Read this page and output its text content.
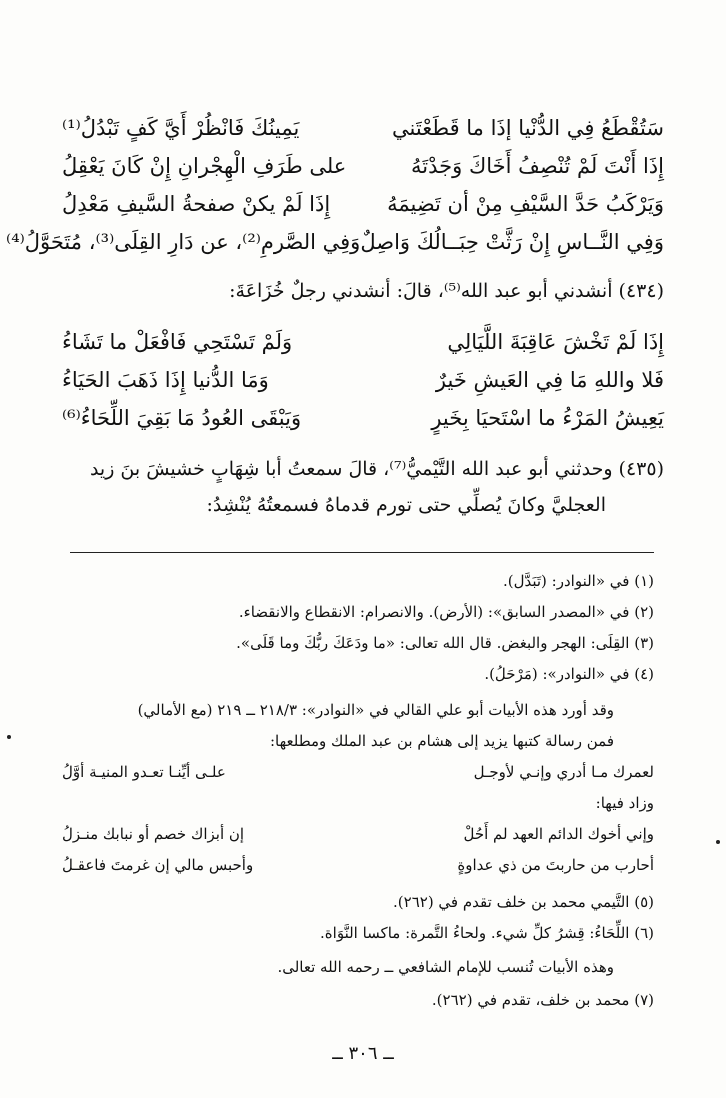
سَتُقْطَعُ فِي الدُّنْيا إذَا ما قَطَعْتَني
يَمِينُكَ فَانْظُرْ أَيَّ كَفٍ تَبْدُلُ⁽¹⁾
إِذَا أَنْتَ لَمْ تُنْصِفُ أَخَاكَ وَجَدْتَهُ
على طَرَفِ الْهِجْرانِ إِنْ كَانَ يَعْقِلُ
وَيَرْكَبُ حَدَّ السَّيْفِ مِنْ أن تَضِيمَهُ
إِذَا لَمْ يكنْ صفحةُ السَّيفِ مَعْدِلُ
وَفِي النَّــاسِ إِنْ رَثَّتْ حِبَــالُكَ وَاصِلٌ
وَفِي الصَّرمِ⁽²⁾، عن دَارِ القِلَى⁽³⁾، مُتَحَوَّلُ⁽⁴⁾
(٤٣٤) أنشدني أبو عبد الله⁽⁵⁾، قالَ: أنشدني رجلٌ خُزَاعَةَ:
إِذَا لَمْ تَخْشَ عَاقِبَةَ اللَّيَالِي
وَلَمْ تَسْتَحِي فَافْعَلْ ما تَشَاءُ
فَلا واللهِ مَا فِي العَيشِ خَيرٌ
وَمَا الدُّنيا إِذَا ذَهَبَ الحَيَاءُ
يَعِيشُ المَرْءُ ما اسْتَحيَا بِخَيرٍ
وَيَبْقَى العُودُ مَا بَقِيَ اللِّحَاءُ⁽⁶⁾
(٤٣٥) وحدثني أبو عبد الله التَّيْميُّ⁽⁷⁾، قالَ سمعتُ أبا شِهَابٍ خشيشَ بنَ زيد
العجليَّ وكانَ يُصلِّي حتى تورم قدماهُ فسمعتُهُ يُنْشِدُ:
(١) في «النوادر: (تَبَدَّل).
(٢) في «المصدر السابق»: (الأرض). والانصرام: الانقطاع والانقضاء.
(٣) القِلَى: الهجر والبغض. قال الله تعالى: «ما ودَعَكَ ربُّكَ وما قَلَى».
(٤) في «النوادر»: (مَرْحَلُ).
وقد أورد هذه الأبيات أبو علي القالي في «النوادر»: ٢١٨/٣ ــ ٢١٩ (مع الأمالي)
فمن رسالة كتبها يزيد إلى هشام بن عبد الملك ومطلعها:
لعمرك مـا أدري وإنـي لأوجـل
علـى أيِّنـا تعـدو المنيـة أوَّلُ
وزاد فيها:
وإني أخوك الدائم العهد لم أَحُلْ
إن أبزاك خصم أو نبابك منـزلُ
أحارب من حاربتَ من ذي عداوةٍ
وأحبس مالي إن غرمتَ فاعقـلُ
(٥) التَّيمي محمد بن خلف تقدم في (٢٦٢).
(٦) اللِّحَاءُ: قِشرُ كلِّ شيء. ولحاءُ التَّمرة: ماكسا النَّوَاة.
وهذه الأبيات تُنسب للإمام الشافعي ــ رحمه الله تعالى.
(٧) محمد بن خلف، تقدم في (٢٦٢).
ــ ٣٠٦ ــ
